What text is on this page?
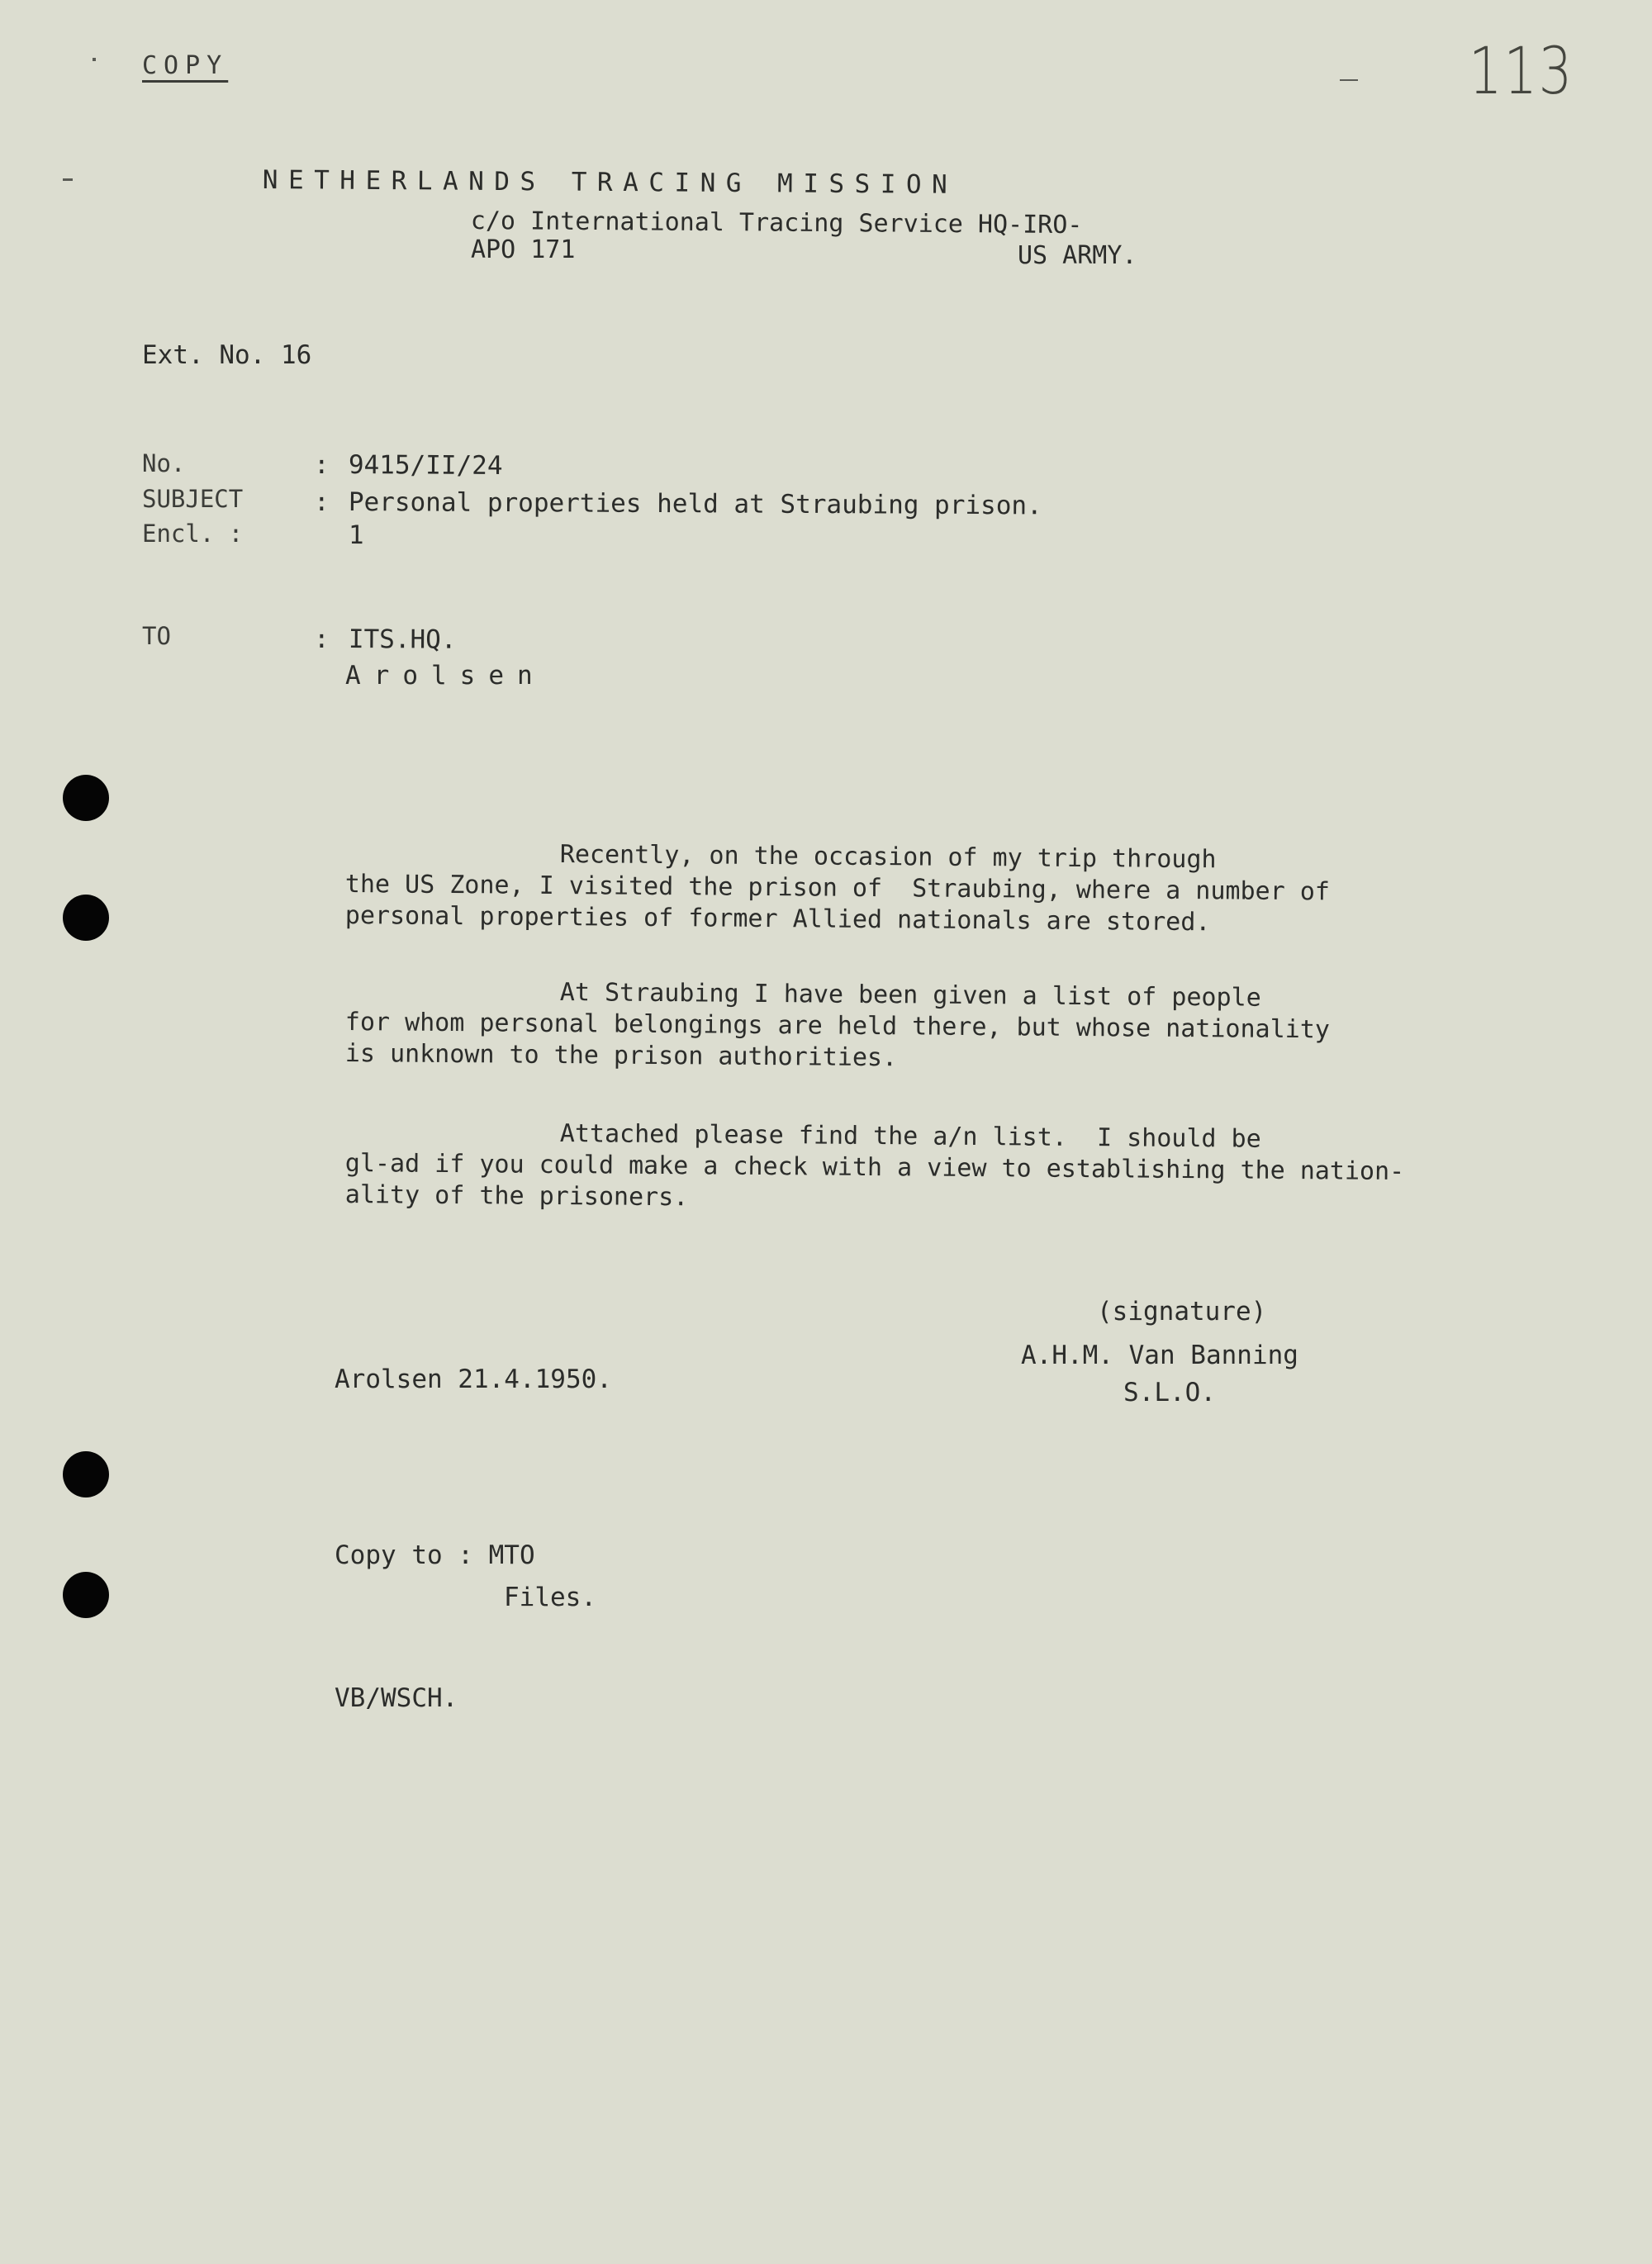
COPY	113
NETHERLANDS TRACING MISSION
c/o International Tracing Service HQ-IRO-
APO 171	US ARMY.
Ext. No. 16
No.	: 9415/II/24
SUBJECT	: Personal properties held at Straubing prison.
Encl. :	1
TO	: ITS.HQ.
Arolsen
Recently, on the occasion of my trip through
the US Zone, I visited the prison of  Straubing, where a number of
personal properties of former Allied nationals are stored.
At Straubing I have been given a list of people
for whom personal belongings are held there, but whose nationality
is unknown to the prison authorities.
Attached please find the a/n list.  I should be
gl-ad if you could make a check with a view to establishing the nation-
ality of the prisoners.
(signature)
A.H.M. Van Banning
S.L.O.
Arolsen 21.4.1950.
Copy to : MTO
Files.
VB/WSCH.
